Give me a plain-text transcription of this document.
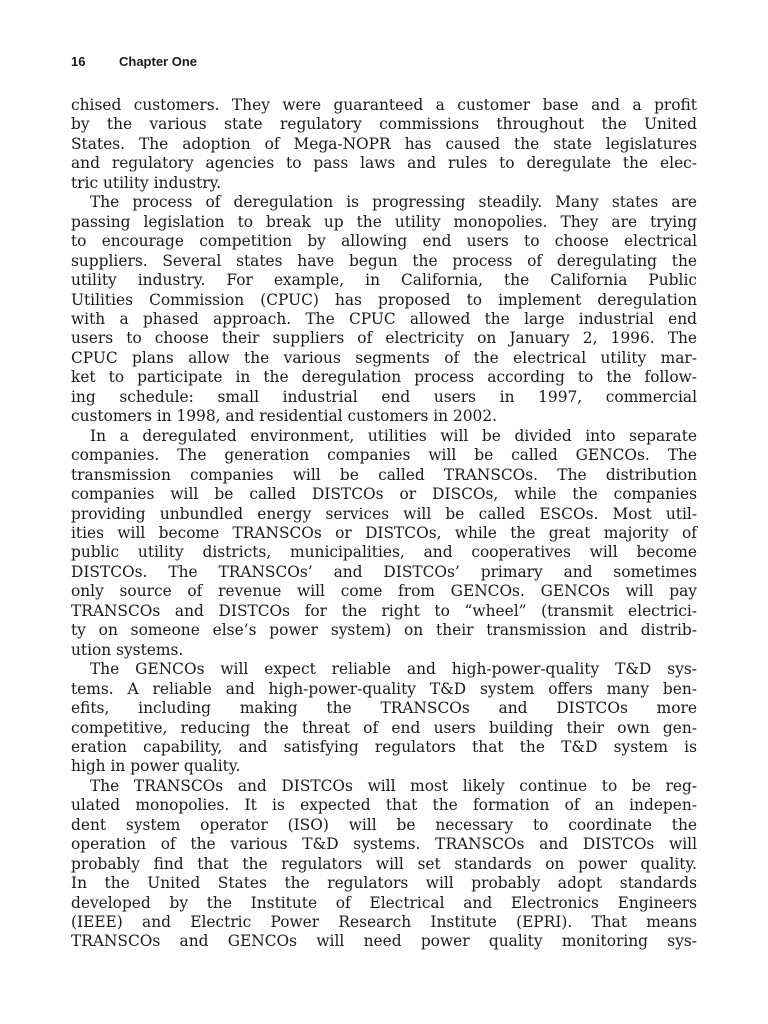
16	Chapter One
chised customers. They were guaranteed a customer base and a profit
by the various state regulatory commissions throughout the United
States. The adoption of Mega-NOPR has caused the state legislatures
and regulatory agencies to pass laws and rules to deregulate the elec-
tric utility industry.
The process of deregulation is progressing steadily. Many states are
passing legislation to break up the utility monopolies. They are trying
to encourage competition by allowing end users to choose electrical
suppliers. Several states have begun the process of deregulating the
utility industry. For example, in California, the California Public
Utilities Commission (CPUC) has proposed to implement deregulation
with a phased approach. The CPUC allowed the large industrial end
users to choose their suppliers of electricity on January 2, 1996. The
CPUC plans allow the various segments of the electrical utility mar-
ket to participate in the deregulation process according to the follow-
ing schedule: small industrial end users in 1997, commercial
customers in 1998, and residential customers in 2002.
In a deregulated environment, utilities will be divided into separate
companies. The generation companies will be called GENCOs. The
transmission companies will be called TRANSCOs. The distribution
companies will be called DISTCOs or DISCOs, while the companies
providing unbundled energy services will be called ESCOs. Most util-
ities will become TRANSCOs or DISTCOs, while the great majority of
public utility districts, municipalities, and cooperatives will become
DISTCOs. The TRANSCOs’ and DISTCOs’ primary and sometimes
only source of revenue will come from GENCOs. GENCOs will pay
TRANSCOs and DISTCOs for the right to “wheel” (transmit electrici-
ty on someone else’s power system) on their transmission and distrib-
ution systems.
The GENCOs will expect reliable and high-power-quality T&D sys-
tems. A reliable and high-power-quality T&D system offers many ben-
efits, including making the TRANSCOs and DISTCOs more
competitive, reducing the threat of end users building their own gen-
eration capability, and satisfying regulators that the T&D system is
high in power quality.
The TRANSCOs and DISTCOs will most likely continue to be reg-
ulated monopolies. It is expected that the formation of an indepen-
dent system operator (ISO) will be necessary to coordinate the
operation of the various T&D systems. TRANSCOs and DISTCOs will
probably find that the regulators will set standards on power quality.
In the United States the regulators will probably adopt standards
developed by the Institute of Electrical and Electronics Engineers
(IEEE) and Electric Power Research Institute (EPRI). That means
TRANSCOs and GENCOs will need power quality monitoring sys-
